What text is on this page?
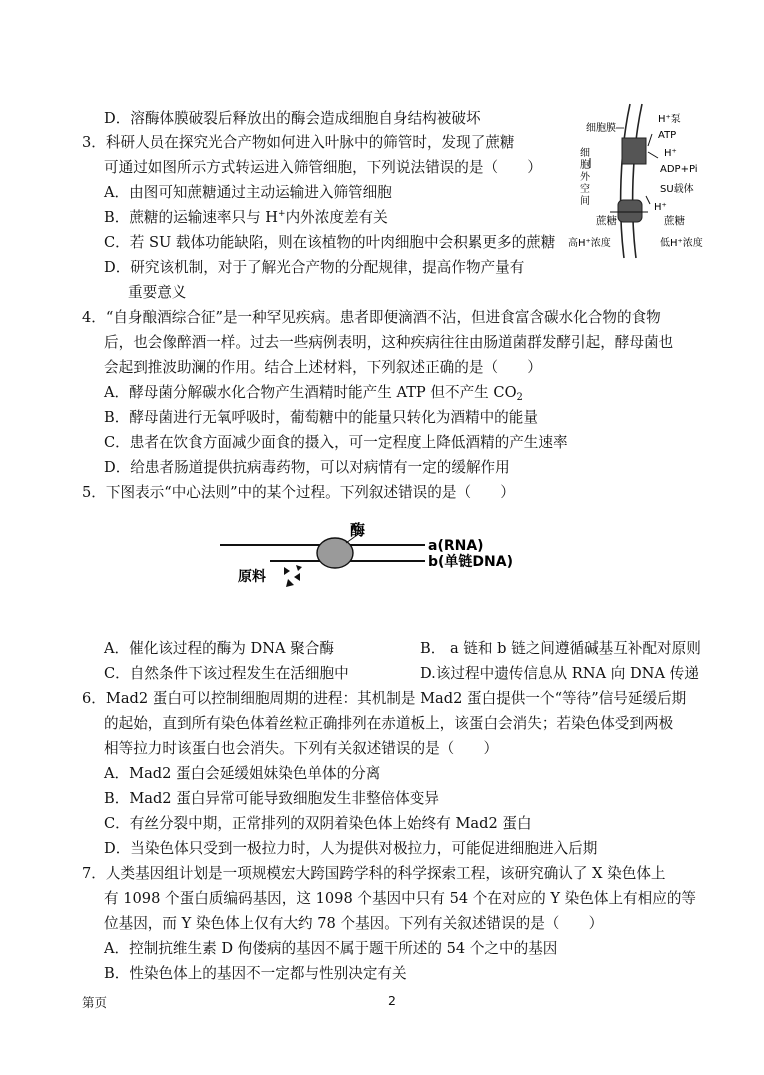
D．溶酶体膜破裂后释放出的酶会造成细胞自身结构被破坏
3．科研人员在探究光合产物如何进入叶脉中的筛管时，发现了蔗糖
可通过如图所示方式转运进入筛管细胞，下列说法错误的是（　　）
A．由图可知蔗糖通过主动运输进入筛管细胞
B．蔗糖的运输速率只与 H+内外浓度差有关
C．若 SU 载体功能缺陷，则在该植物的叶肉细胞中会积累更多的蔗糖
D．研究该机制，对于了解光合产物的分配规律，提高作物产量有
重要意义
细胞膜
H⁺泵
ATP
H⁺
ADP+Pi
SU载体
H⁺
蔗糖	蔗糖
高H⁺浓度	低H⁺浓度
细
胞
外
空
间
4．“自身酿酒综合征”是一种罕见疾病。患者即便滴酒不沾，但进食富含碳水化合物的食物
后，也会像醉酒一样。过去一些病例表明，这种疾病往往由肠道菌群发酵引起，酵母菌也
会起到推波助澜的作用。结合上述材料，下列叙述正确的是（　　）
A．酵母菌分解碳水化合物产生酒精时能产生 ATP 但不产生 $CO_2$
B．酵母菌进行无氧呼吸时，葡萄糖中的能量只转化为酒精中的能量
C．患者在饮食方面减少面食的摄入，可一定程度上降低酒精的产生速率
D．给患者肠道提供抗病毒药物，可以对病情有一定的缓解作用
5．下图表示“中心法则”中的某个过程。下列叙述错误的是（　　）
酶
a(RNA)
b(单链DNA)
原料
A．催化该过程的酶为 DNA 聚合酶	B． a 链和 b 链之间遵循碱基互补配对原则
C．自然条件下该过程发生在活细胞中	D.该过程中遗传信息从 RNA 向 DNA 传递
6．Mad2 蛋白可以控制细胞周期的进程：其机制是 Mad2 蛋白提供一个“等待”信号延缓后期
的起始，直到所有染色体着丝粒正确排列在赤道板上，该蛋白会消失；若染色体受到两极
相等拉力时该蛋白也会消失。下列有关叙述错误的是（　　）
A．Mad2 蛋白会延缓姐妹染色单体的分离
B．Mad2 蛋白异常可能导致细胞发生非整倍体变异
C．有丝分裂中期，正常排列的双阴着染色体上始终有 Mad2 蛋白
D．当染色体只受到一极拉力时，人为提供对极拉力，可能促进细胞进入后期
7．人类基因组计划是一项规模宏大跨国跨学科的科学探索工程，该研究确认了 X 染色体上
有 1098 个蛋白质编码基因，这 1098 个基因中只有 54 个在对应的 Y 染色体上有相应的等
位基因，而 Y 染色体上仅有大约 78 个基因。下列有关叙述错误的是（　　）
A．控制抗维生素 D 佝偻病的基因不属于题干所述的 54 个之中的基因
B．性染色体上的基因不一定都与性别决定有关
第页	2
